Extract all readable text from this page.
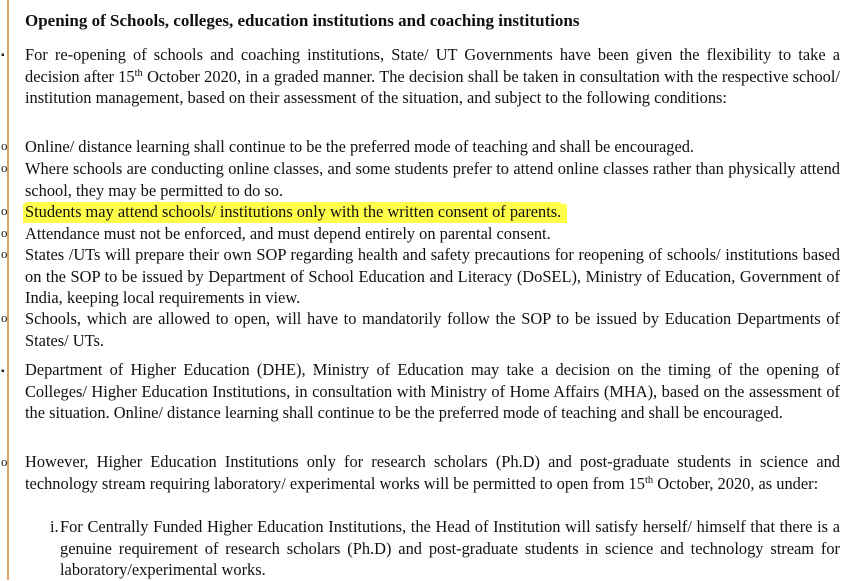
Opening of Schools, colleges, education institutions and coaching institutions
▪ For re-opening of schools and coaching institutions, State/ UT Governments have been given the flexibility to take a decision after 15th October 2020, in a graded manner. The decision shall be taken in consultation with the respective school/ institution management, based on their assessment of the situation, and subject to the following conditions:
o Online/ distance learning shall continue to be the preferred mode of teaching and shall be encouraged.
o Where schools are conducting online classes, and some students prefer to attend online classes rather than physically attend school, they may be permitted to do so.
o Students may attend schools/ institutions only with the written consent of parents.
o Attendance must not be enforced, and must depend entirely on parental consent.
o States /UTs will prepare their own SOP regarding health and safety precautions for reopening of schools/ institutions based on the SOP to be issued by Department of School Education and Literacy (DoSEL), Ministry of Education, Government of India, keeping local requirements in view.
o Schools, which are allowed to open, will have to mandatorily follow the SOP to be issued by Education Departments of States/ UTs.
▪ Department of Higher Education (DHE), Ministry of Education may take a decision on the timing of the opening of Colleges/ Higher Education Institutions, in consultation with Ministry of Home Affairs (MHA), based on the assessment of the situation. Online/ distance learning shall continue to be the preferred mode of teaching and shall be encouraged.
o However, Higher Education Institutions only for research scholars (Ph.D) and post-graduate students in science and technology stream requiring laboratory/ experimental works will be permitted to open from 15th October, 2020, as under:
i. For Centrally Funded Higher Education Institutions, the Head of Institution will satisfy herself/ himself that there is a genuine requirement of research scholars (Ph.D) and post-graduate students in science and technology stream for laboratory/experimental works.
